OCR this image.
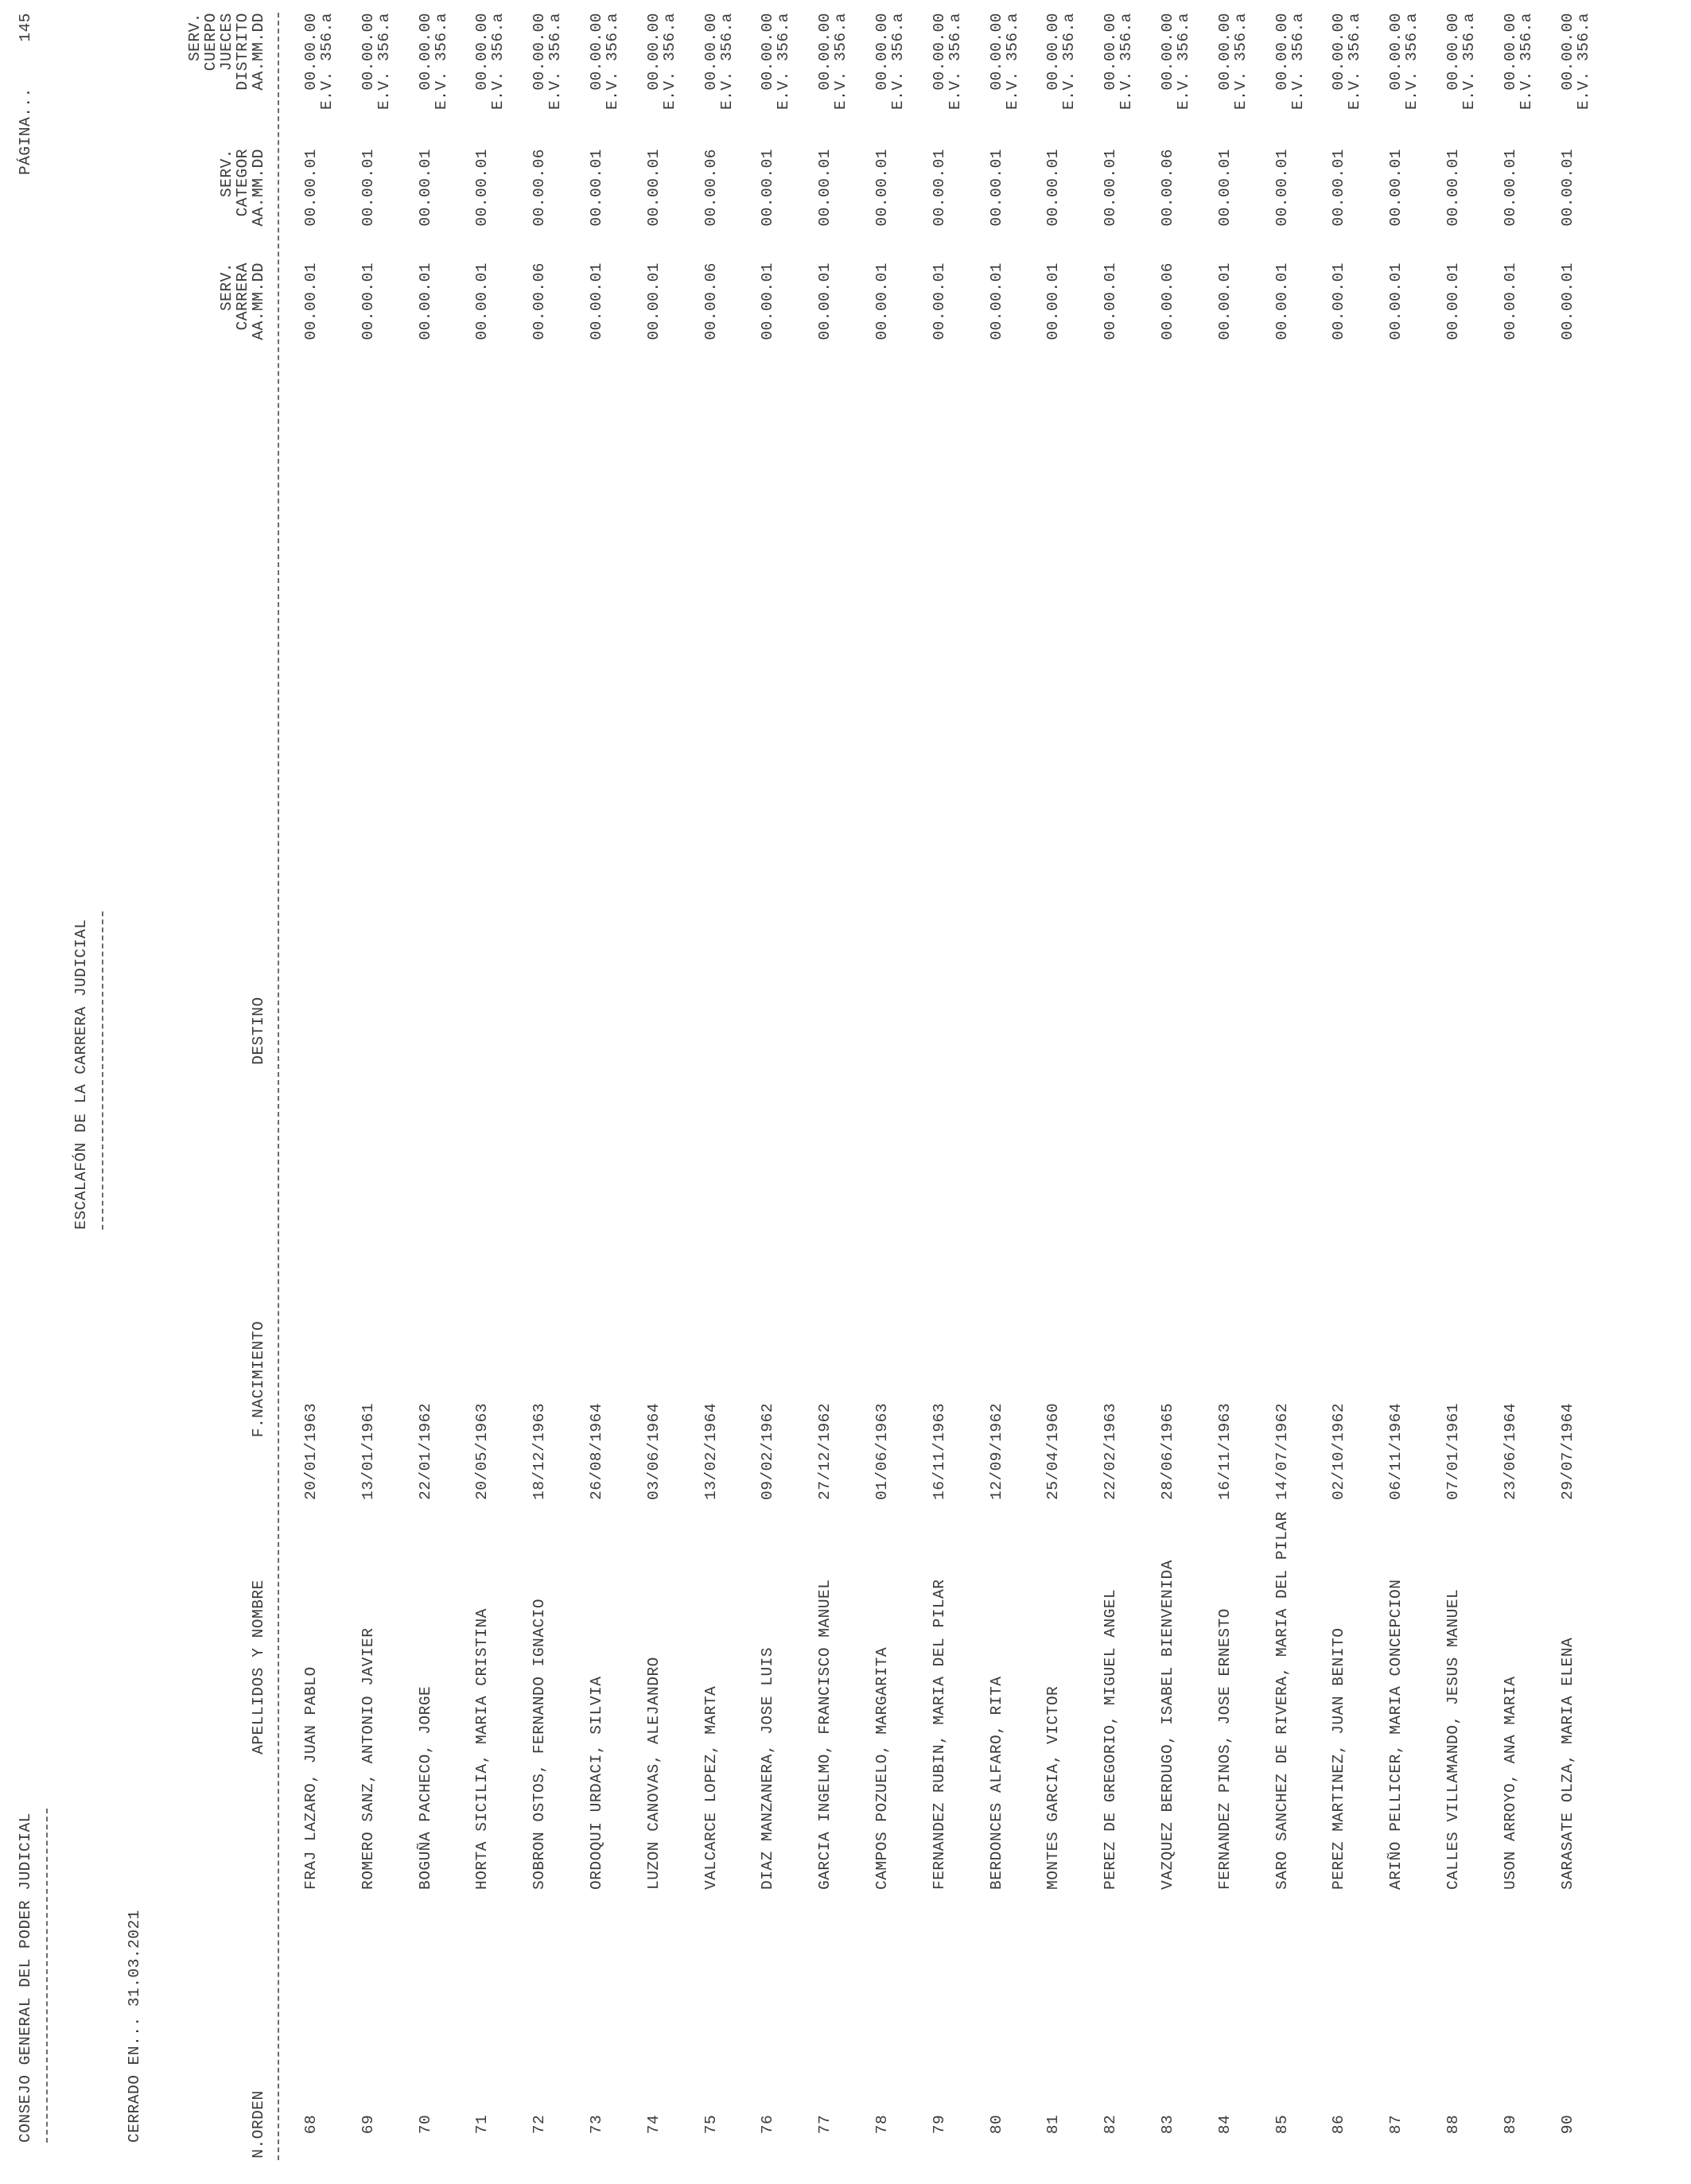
CONSEJO GENERAL DEL PODER JUDICIAL
ESCALAFÓN DE LA CARRERA JUDICIAL
PÁGINA...
145
CERRADO EN... 31.03.2021	N.ORDEN
APELLIDOS Y NOMBRE
F.NACIMIENTO
DESTINO
SERV.
CARRERA
AA.MM.DD
SERV.
CATEGOR
AA.MM.DD
SERV.
CUERPO
JUECES
DISTRITO
AA.MM.DD
68
FRAJ LAZARO, JUAN PABLO
20/01/1963
00.00.01
00.00.01
00.00.00
E.V. 356.a
69
ROMERO SANZ, ANTONIO JAVIER
13/01/1961
00.00.01
00.00.01
00.00.00
E.V. 356.a
70
BOGUÑA PACHECO, JORGE
22/01/1962
00.00.01
00.00.01
00.00.00
E.V. 356.a
71
HORTA SICILIA, MARIA CRISTINA
20/05/1963
00.00.01
00.00.01
00.00.00
E.V. 356.a
72
SOBRON OSTOS, FERNANDO IGNACIO
18/12/1963
00.00.06
00.00.06
00.00.00
E.V. 356.a
73
ORDOQUI URDACI, SILVIA
26/08/1964
00.00.01
00.00.01
00.00.00
E.V. 356.a
74
LUZON CANOVAS, ALEJANDRO
03/06/1964
00.00.01
00.00.01
00.00.00
E.V. 356.a
75
VALCARCE LOPEZ, MARTA
13/02/1964
00.00.06
00.00.06
00.00.00
E.V. 356.a
76
DIAZ MANZANERA, JOSE LUIS
09/02/1962
00.00.01
00.00.01
00.00.00
E.V. 356.a
77
GARCIA INGELMO, FRANCISCO MANUEL
27/12/1962
00.00.01
00.00.01
00.00.00
E.V. 356.a
78
CAMPOS POZUELO, MARGARITA
01/06/1963
00.00.01
00.00.01
00.00.00
E.V. 356.a
79
FERNANDEZ RUBIN, MARIA DEL PILAR
16/11/1963
00.00.01
00.00.01
00.00.00
E.V. 356.a
80
BERDONCES ALFARO, RITA
12/09/1962
00.00.01
00.00.01
00.00.00
E.V. 356.a
81
MONTES GARCIA, VICTOR
25/04/1960
00.00.01
00.00.01
00.00.00
E.V. 356.a
82
PEREZ DE GREGORIO, MIGUEL ANGEL
22/02/1963
00.00.01
00.00.01
00.00.00
E.V. 356.a
83
VAZQUEZ BERDUGO, ISABEL BIENVENIDA
28/06/1965
00.00.06
00.00.06
00.00.00
E.V. 356.a
84
FERNANDEZ PINOS, JOSE ERNESTO
16/11/1963
00.00.01
00.00.01
00.00.00
E.V. 356.a
85
SARO SANCHEZ DE RIVERA, MARIA DEL PILAR
14/07/1962
00.00.01
00.00.01
00.00.00
E.V. 356.a
86
PEREZ MARTINEZ, JUAN BENITO
02/10/1962
00.00.01
00.00.01
00.00.00
E.V. 356.a
87
ARIÑO PELLICER, MARIA CONCEPCION
06/11/1964
00.00.01
00.00.01
00.00.00
E.V. 356.a
88
CALLES VILLAMANDO, JESUS MANUEL
07/01/1961
00.00.01
00.00.01
00.00.00
E.V. 356.a
89
USON ARROYO, ANA MARIA
23/06/1964
00.00.01
00.00.01
00.00.00
E.V. 356.a
90
SARASATE OLZA, MARIA ELENA
29/07/1964
00.00.01
00.00.01
00.00.00
E.V. 356.a
